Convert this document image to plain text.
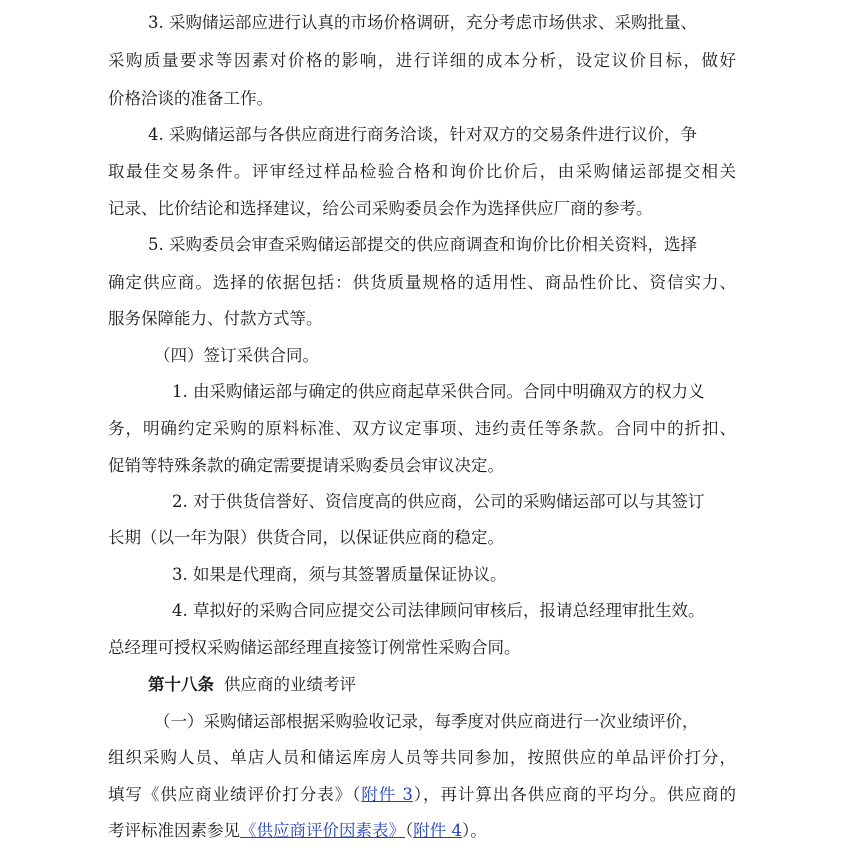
3. 采购储运部应进行认真的市场价格调研，充分考虑市场供求、采购批量、
采购质量要求等因素对价格的影响，进行详细的成本分析，设定议价目标，做好
价格洽谈的准备工作。
4. 采购储运部与各供应商进行商务洽谈，针对双方的交易条件进行议价，争
取最佳交易条件。评审经过样品检验合格和询价比价后，由采购储运部提交相关
记录、比价结论和选择建议，给公司采购委员会作为选择供应厂商的参考。
5. 采购委员会审查采购储运部提交的供应商调查和询价比价相关资料，选择
确定供应商。选择的依据包括：供货质量规格的适用性、商品性价比、资信实力、
服务保障能力、付款方式等。
（四）签订采供合同。
1. 由采购储运部与确定的供应商起草采供合同。合同中明确双方的权力义
务，明确约定采购的原料标准、双方议定事项、违约责任等条款。合同中的折扣、
促销等特殊条款的确定需要提请采购委员会审议决定。
2. 对于供货信誉好、资信度高的供应商，公司的采购储运部可以与其签订
长期（以一年为限）供货合同，以保证供应商的稳定。
3. 如果是代理商，须与其签署质量保证协议。
4. 草拟好的采购合同应提交公司法律顾问审核后，报请总经理审批生效。
总经理可授权采购储运部经理直接签订例常性采购合同。
第十八条 供应商的业绩考评
（一）采购储运部根据采购验收记录，每季度对供应商进行一次业绩评价，
组织采购人员、单店人员和储运库房人员等共同参加，按照供应的单品评价打分，
填写《供应商业绩评价打分表》（附件 3），再计算出各供应商的平均分。供应商的
考评标准因素参见《供应商评价因素表》（附件 4）。
